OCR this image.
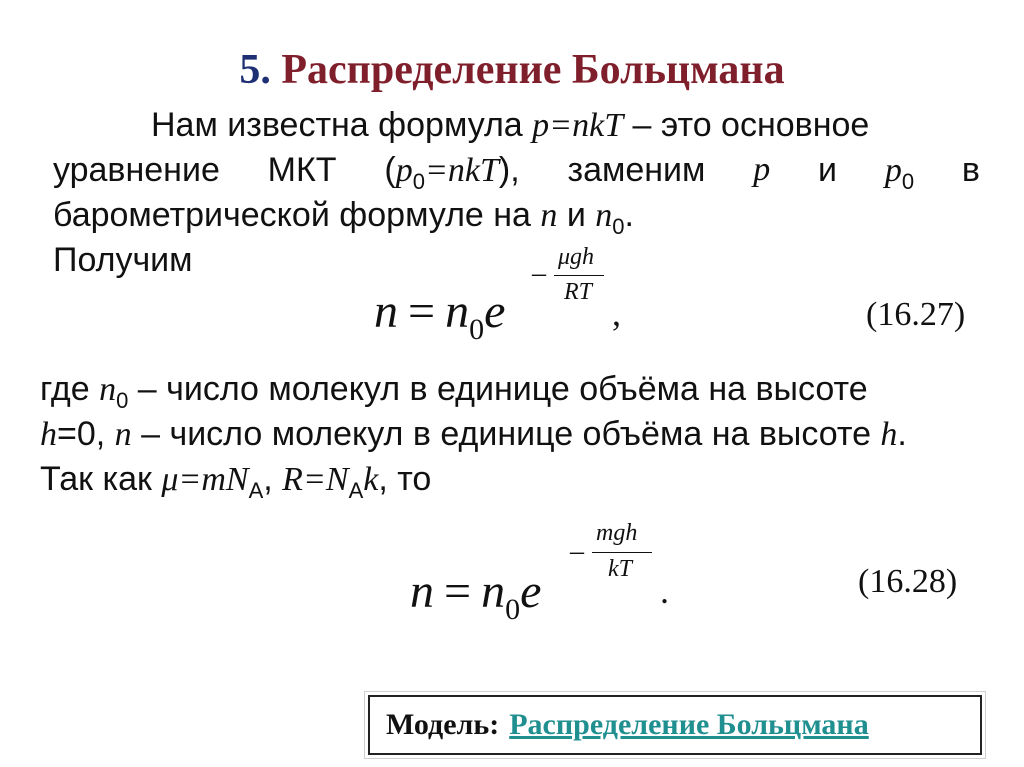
5. Распределение Больцмана
Нам известна формула p=nkT – это основное
уравнение МКТ $(p_0=nkT)$, заменим p и $p_0$ в
барометрической формуле на n и $n_0$.
Получим
$n = n_0e$
–
μgh
RT
,	(16.27)
где $n_0$ – число молекул в единице объёма на высоте
h=0, n – число молекул в единице объёма на высоте h.
Так как $\mu=mN_A$, $R=N_Ak$, то
$n = n_0e$
–
mgh
kT
.	(16.28)
Модель: Распределение Больцмана
